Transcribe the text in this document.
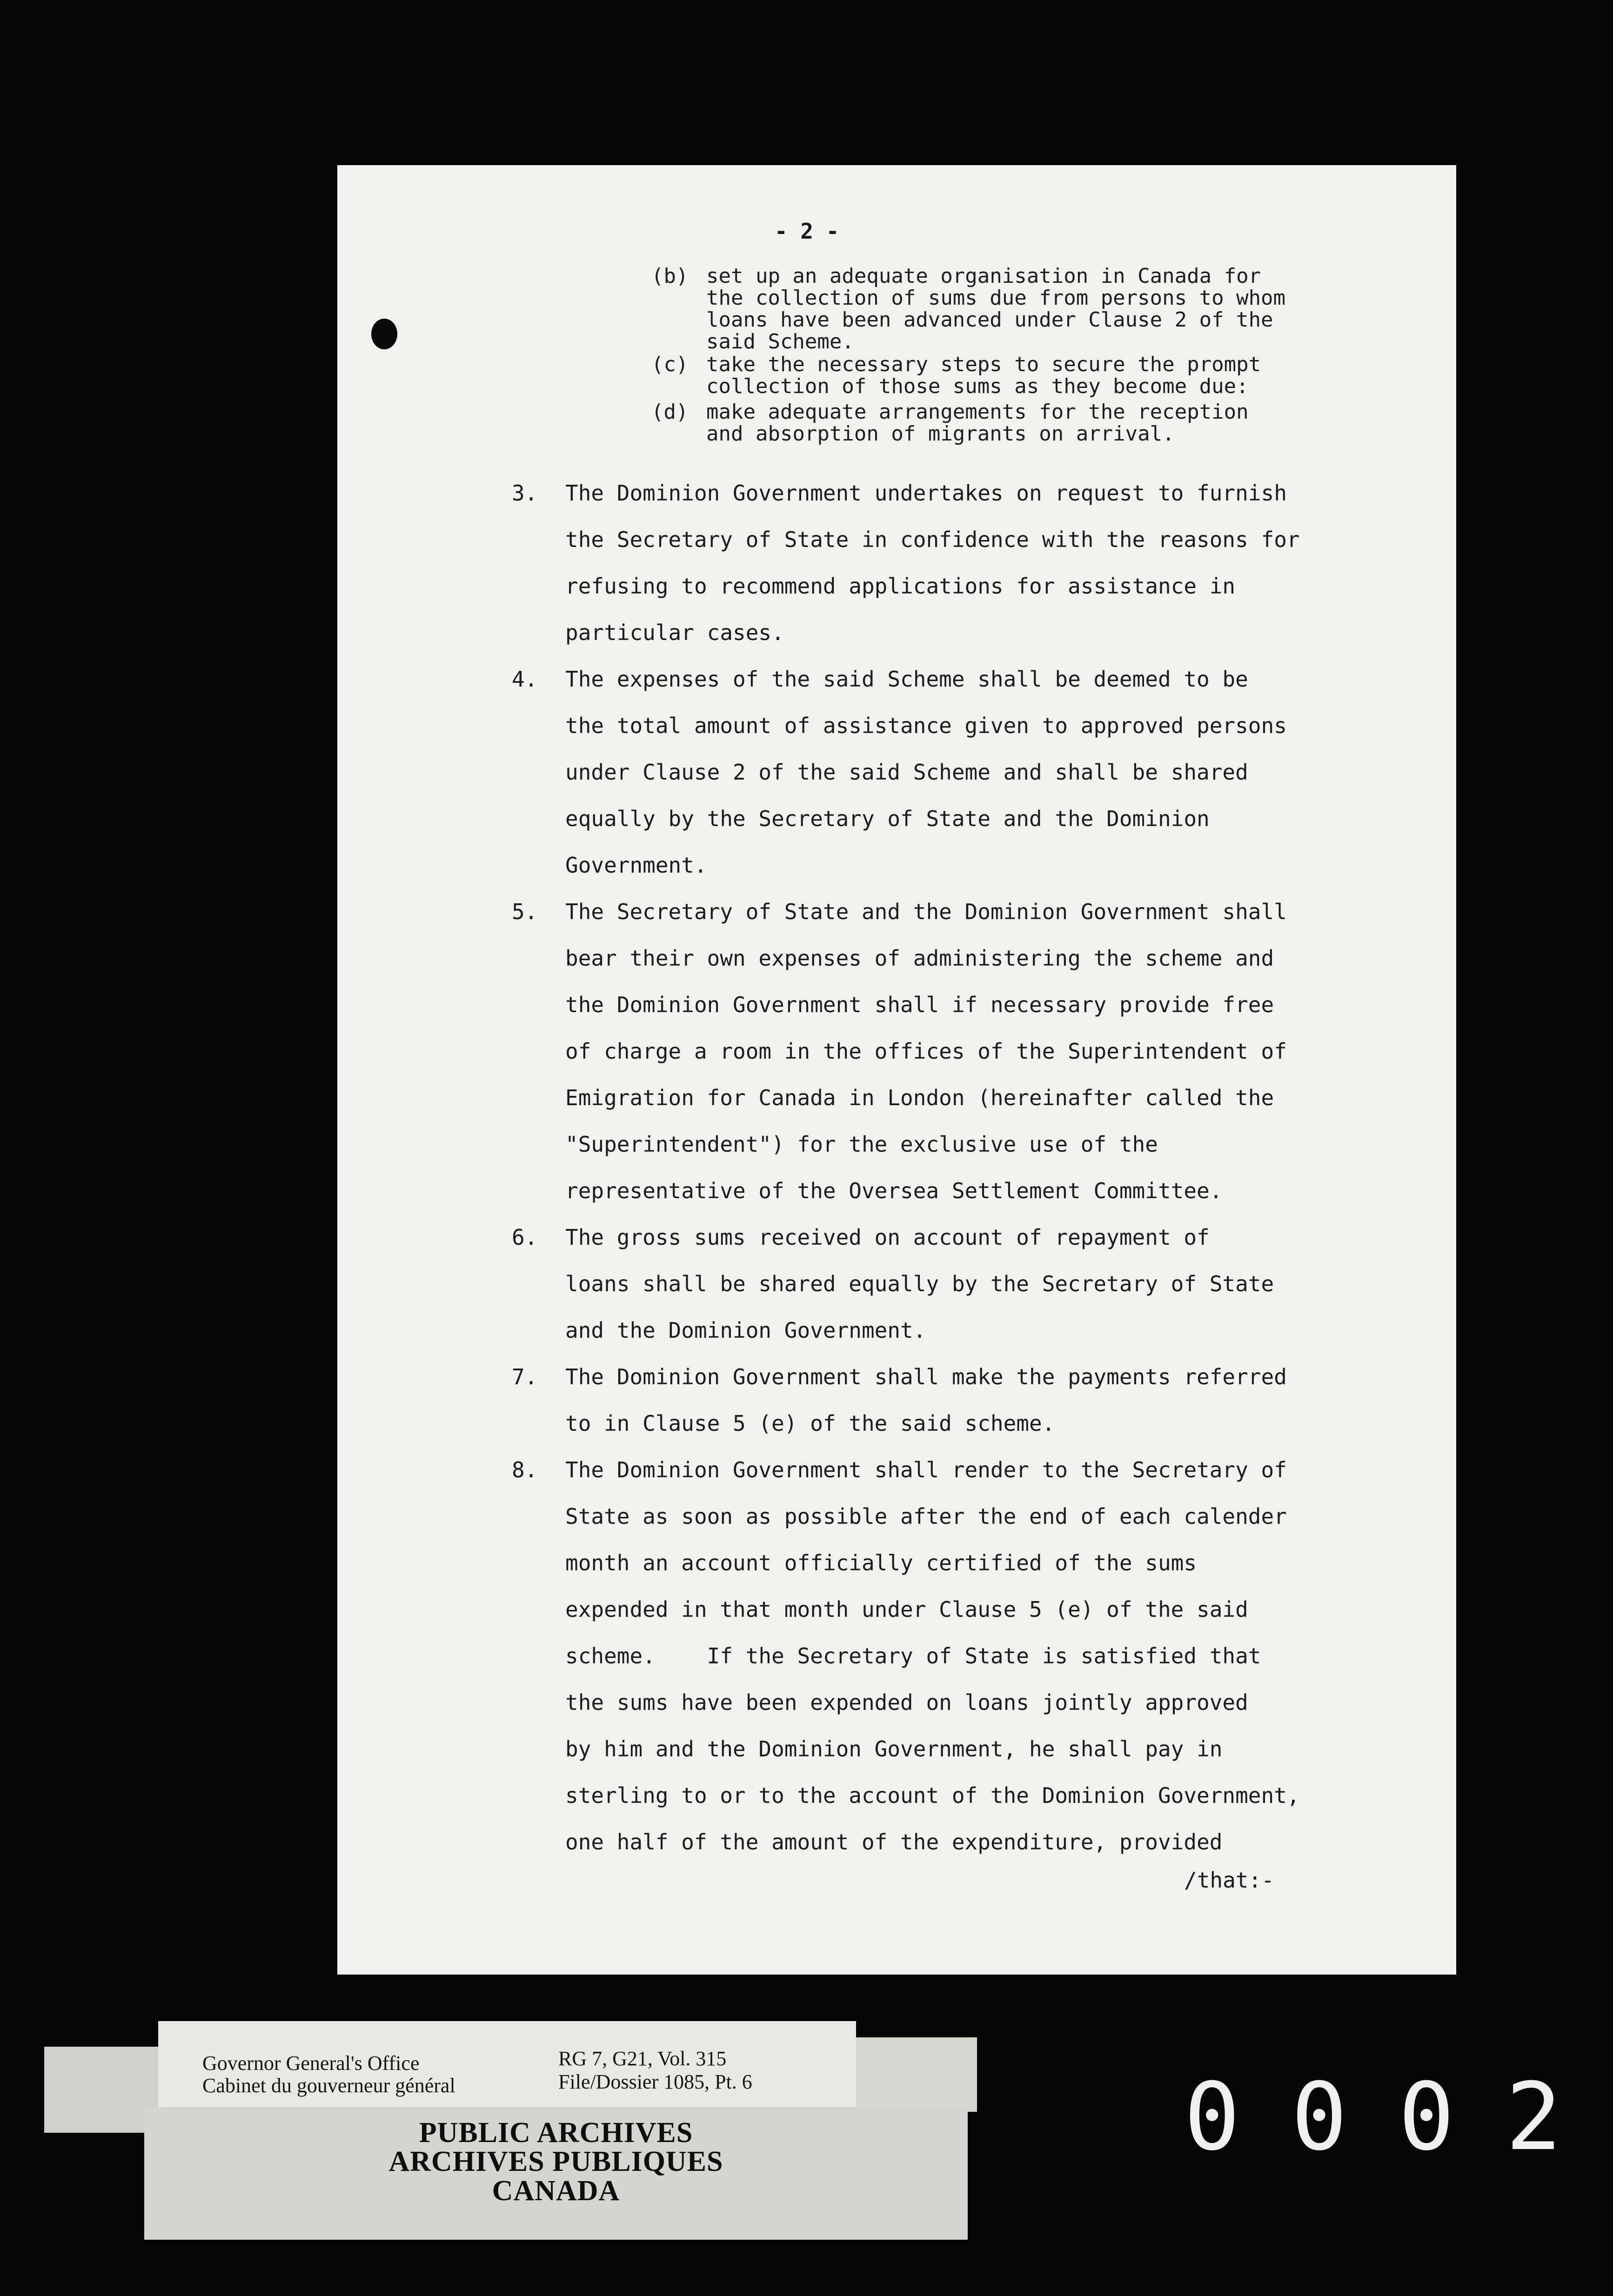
- 2 -
(b) set up an adequate organisation in Canada for
the collection of sums due from persons to whom
loans have been advanced under Clause 2 of the
said Scheme.
(c) take the necessary steps to secure the prompt
collection of those sums as they become due:
(d) make adequate arrangements for the reception
and absorption of migrants on arrival.
3. The Dominion Government undertakes on request to furnish
the Secretary of State in confidence with the reasons for
refusing to recommend applications for assistance in
particular cases.
4. The expenses of the said Scheme shall be deemed to be
the total amount of assistance given to approved persons
under Clause 2 of the said Scheme and shall be shared
equally by the Secretary of State and the Dominion
Government.
5. The Secretary of State and the Dominion Government shall
bear their own expenses of administering the scheme and
the Dominion Government shall if necessary provide free
of charge a room in the offices of the Superintendent of
Emigration for Canada in London (hereinafter called the
"Superintendent") for the exclusive use of the
representative of the Oversea Settlement Committee.
6. The gross sums received on account of repayment of
loans shall be shared equally by the Secretary of State
and the Dominion Government.
7. The Dominion Government shall make the payments referred
to in Clause 5 (e) of the said scheme.
8. The Dominion Government shall render to the Secretary of
State as soon as possible after the end of each calender
month an account officially certified of the sums
expended in that month under Clause 5 (e) of the said
scheme.    If the Secretary of State is satisfied that
the sums have been expended on loans jointly approved
by him and the Dominion Government, he shall pay in
sterling to or to the account of the Dominion Government,
one half of the amount of the expenditure, provided
/that:-
Governor General's Office
Cabinet du gouverneur général
RG 7, G21, Vol. 315
File/Dossier 1085, Pt. 6
PUBLIC ARCHIVES
ARCHIVES PUBLIQUES
CANADA
0002
